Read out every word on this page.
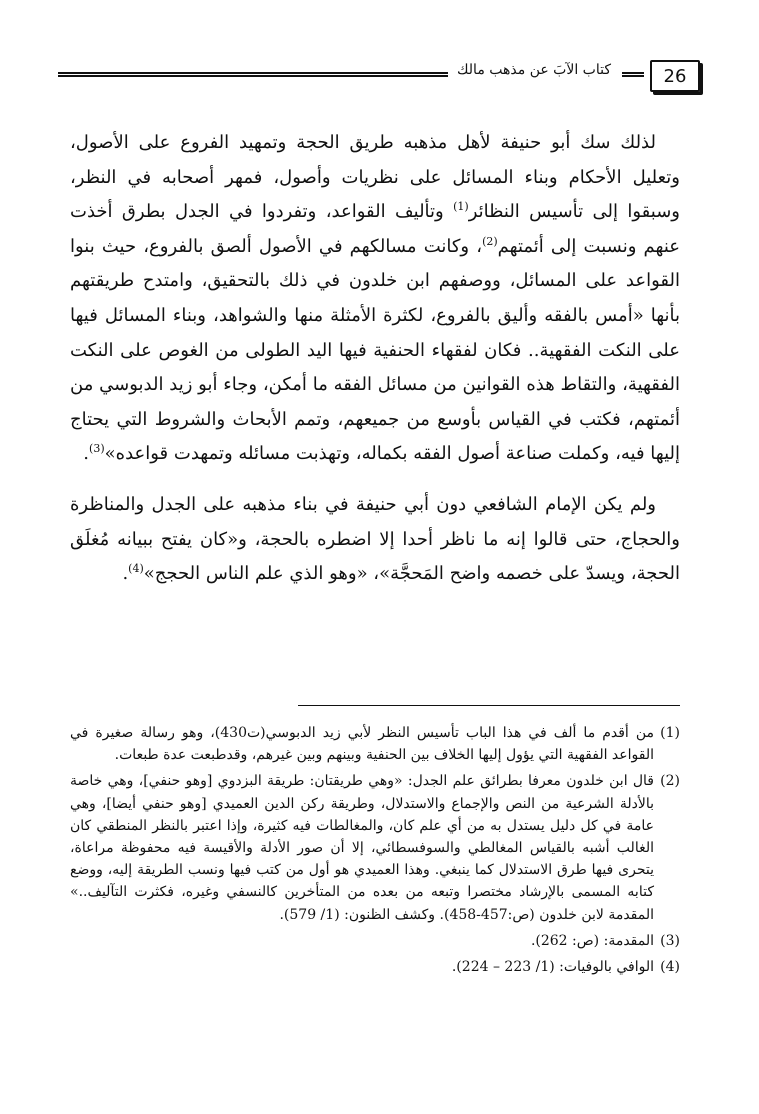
26
كتاب الآبَ عن مذهب مالك

لذلك سك أبو حنيفة لأهل مذهبه طريق الحجة وتمهيد الفروع على الأصول، وتعليل الأحكام وبناء المسائل على نظريات وأصول، فمهر أصحابه في النظر، وسبقوا إلى تأسيس النظائر$^{(1)}$ وتأليف القواعد، وتفردوا في الجدل بطرق أخذت عنهم ونسبت إلى أئمتهم$^{(2)}$، وكانت مسالكهم في الأصول ألصق بالفروع، حيث بنوا القواعد على المسائل، ووصفهم ابن خلدون في ذلك بالتحقيق، وامتدح طريقتهم بأنها «أمس بالفقه وأليق بالفروع، لكثرة الأمثلة منها والشواهد، وبناء المسائل فيها على النكت الفقهية.. فكان لفقهاء الحنفية فيها اليد الطولى من الغوص على النكت الفقهية، والتقاط هذه القوانين من مسائل الفقه ما أمكن، وجاء أبو زيد الدبوسي من أئمتهم، فكتب في القياس بأوسع من جميعهم، وتمم الأبحاث والشروط التي يحتاج إليها فيه، وكملت صناعة أصول الفقه بكماله، وتهذبت مسائله وتمهدت قواعده»$^{(3)}$.

ولم يكن الإمام الشافعي دون أبي حنيفة في بناء مذهبه على الجدل والمناظرة والحجاج، حتى قالوا إنه ما ناظر أحدا إلا اضطره بالحجة، و«كان يفتح ببيانه مُغلَق الحجة، ويسدّ على خصمه واضح المَحجَّة»، «وهو الذي علم الناس الحجج»$^{(4)}$.

(1)
من أقدم ما ألف في هذا الباب تأسيس النظر لأبي زيد الدبوسي(ت430)، وهو رسالة صغيرة في القواعد الفقهية التي يؤول إليها الخلاف بين الحنفية وبينهم وبين غيرهم، وقدطبعت عدة طبعات.
(2)
قال ابن خلدون معرفا بطرائق علم الجدل: «وهي طريقتان: طريقة البزدوي [وهو حنفي]، وهي خاصة بالأدلة الشرعية من النص والإجماع والاستدلال، وطريقة ركن الدين العميدي [وهو حنفي أيضا]، وهي عامة في كل دليل يستدل به من أي علم كان، والمغالطات فيه كثيرة، وإذا اعتبر بالنظر المنطقي كان الغالب أشبه بالقياس المغالطي والسوفسطائي، إلا أن صور الأدلة والأقيسة فيه محفوظة مراعاة، يتحرى فيها طرق الاستدلال كما ينبغي. وهذا العميدي هو أول من كتب فيها ونسب الطريقة إليه، ووضع كتابه المسمى بالإرشاد مختصرا وتبعه من بعده من المتأخرين كالنسفي وغيره، فكثرت التآليف..» المقدمة لابن خلدون (ص:457-458). وكشف الظنون: (1/ 579).
(3)
المقدمة: (ص: 262).
(4)
الوافي بالوفيات: (1/ 223 – 224).
